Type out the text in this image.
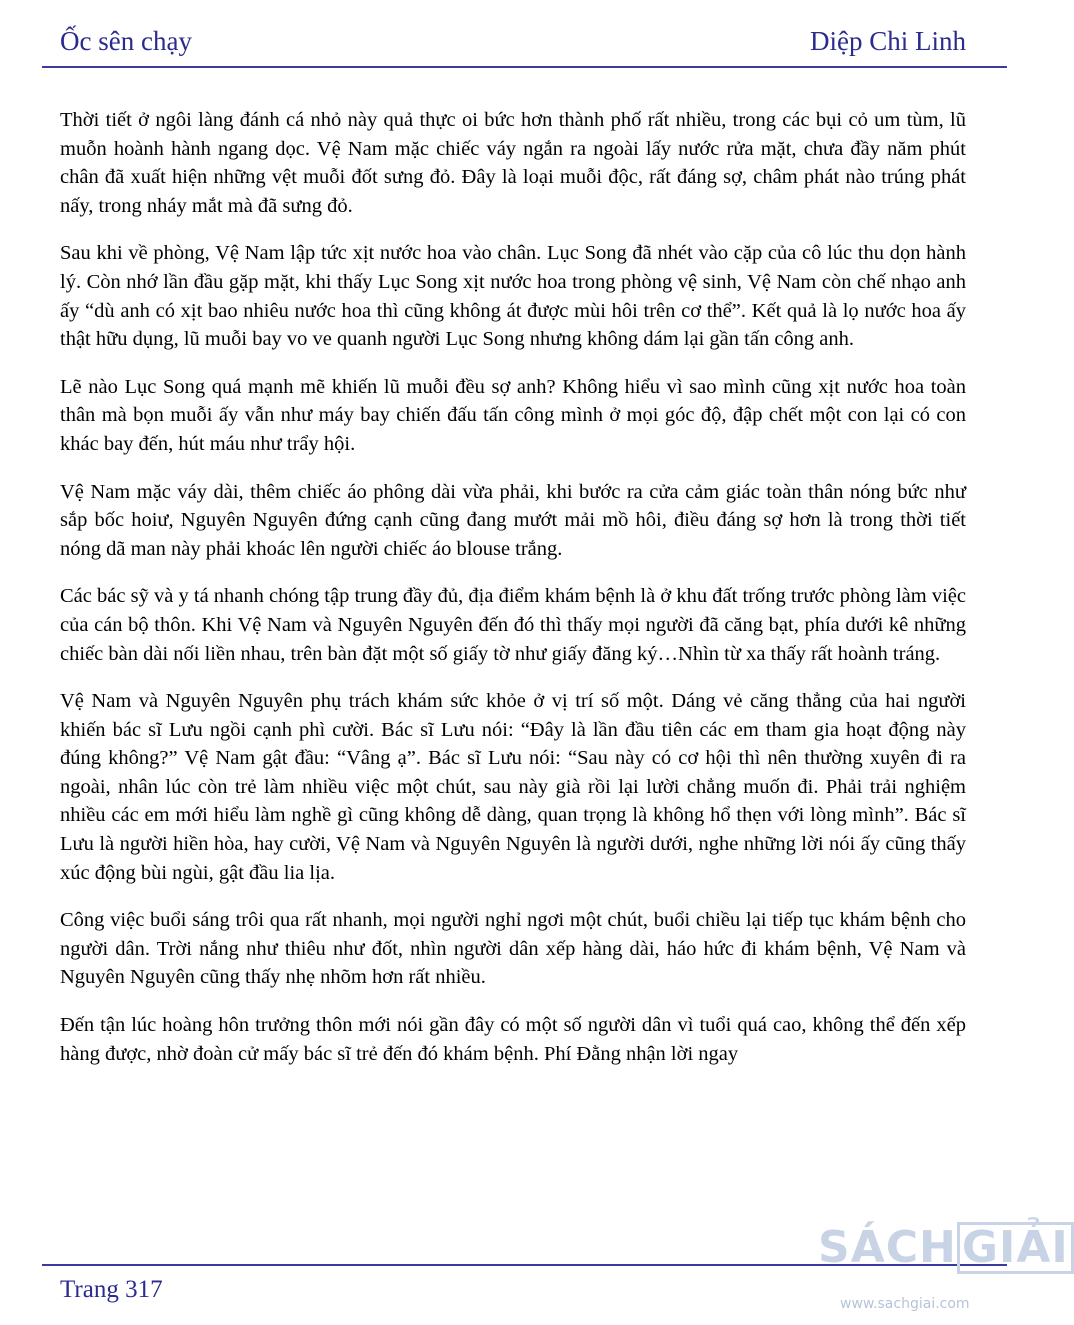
Ốc sên chạy	Diệp Chi Linh

Thời tiết ở ngôi làng đánh cá nhỏ này quả thực oi bức hơn thành phố rất nhiều, trong các bụi cỏ um tùm, lũ muỗn hoành hành ngang dọc. Vệ Nam mặc chiếc váy ngắn ra ngoài lấy nước rửa mặt, chưa đầy năm phút chân đã xuất hiện những vệt muỗi đốt sưng đỏ. Đây là loại muỗi độc, rất đáng sợ, châm phát nào trúng phát nấy, trong nháy mắt mà đã sưng đỏ.

Sau khi về phòng, Vệ Nam lập tức xịt nước hoa vào chân. Lục Song đã nhét vào cặp của cô lúc thu dọn hành lý. Còn nhớ lần đầu gặp mặt, khi thấy Lục Song xịt nước hoa trong phòng vệ sinh, Vệ Nam còn chế nhạo anh ấy “dù anh có xịt bao nhiêu nước hoa thì cũng không át được mùi hôi trên cơ thể”. Kết quả là lọ nước hoa ấy thật hữu dụng, lũ muỗi bay vo ve quanh người Lục Song nhưng không dám lại gần tấn công anh.

Lẽ nào Lục Song quá mạnh mẽ khiến lũ muỗi đều sợ anh? Không hiểu vì sao mình cũng xịt nước hoa toàn thân mà bọn muỗi ấy vẫn như máy bay chiến đấu tấn công mình ở mọi góc độ, đập chết một con lại có con khác bay đến, hút máu như trẩy hội.

Vệ Nam mặc váy dài, thêm chiếc áo phông dài vừa phải, khi bước ra cửa cảm giác toàn thân nóng bức như sắp bốc hoiư, Nguyên Nguyên đứng cạnh cũng đang mướt mải mồ hôi, điều đáng sợ hơn là trong thời tiết nóng dã man này phải khoác lên người chiếc áo blouse trắng.

Các bác sỹ và y tá nhanh chóng tập trung đầy đủ, địa điểm khám bệnh là ở khu đất trống trước phòng làm việc của cán bộ thôn. Khi Vệ Nam và Nguyên Nguyên đến đó thì thấy mọi người đã căng bạt, phía dưới kê những chiếc bàn dài nối liền nhau, trên bàn đặt một số giấy tờ như giấy đăng ký…Nhìn từ xa thấy rất hoành tráng.

Vệ Nam và Nguyên Nguyên phụ trách khám sức khỏe ở vị trí số một. Dáng vẻ căng thẳng của hai người khiến bác sĩ Lưu ngồi cạnh phì cười. Bác sĩ Lưu nói: “Đây là lần đầu tiên các em tham gia hoạt động này đúng không?” Vệ Nam gật đầu: “Vâng ạ”. Bác sĩ Lưu nói: “Sau này có cơ hội thì nên thường xuyên đi ra ngoài, nhân lúc còn trẻ làm nhiều việc một chút, sau này già rồi lại lười chẳng muốn đi. Phải trải nghiệm nhiều các em mới hiểu làm nghề gì cũng không dễ dàng, quan trọng là không hổ thẹn với lòng mình”. Bác sĩ Lưu là người hiền hòa, hay cười, Vệ Nam và Nguyên Nguyên là người dưới, nghe những lời nói ấy cũng thấy xúc động bùi ngùi, gật đầu lia lịa.

Công việc buổi sáng trôi qua rất nhanh, mọi người nghỉ ngơi một chút, buổi chiều lại tiếp tục khám bệnh cho người dân. Trời nắng như thiêu như đốt, nhìn người dân xếp hàng dài, háo hức đi khám bệnh, Vệ Nam và Nguyên Nguyên cũng thấy nhẹ nhõm hơn rất nhiều.

Đến tận lúc hoàng hôn trưởng thôn mới nói gần đây có một số người dân vì tuổi quá cao, không thể đến xếp hàng được, nhờ đoàn cử mấy bác sĩ trẻ đến đó khám bệnh. Phí Đằng nhận lời ngay

Trang 317
SÁCH GIẢI
www.sachgiai.com
